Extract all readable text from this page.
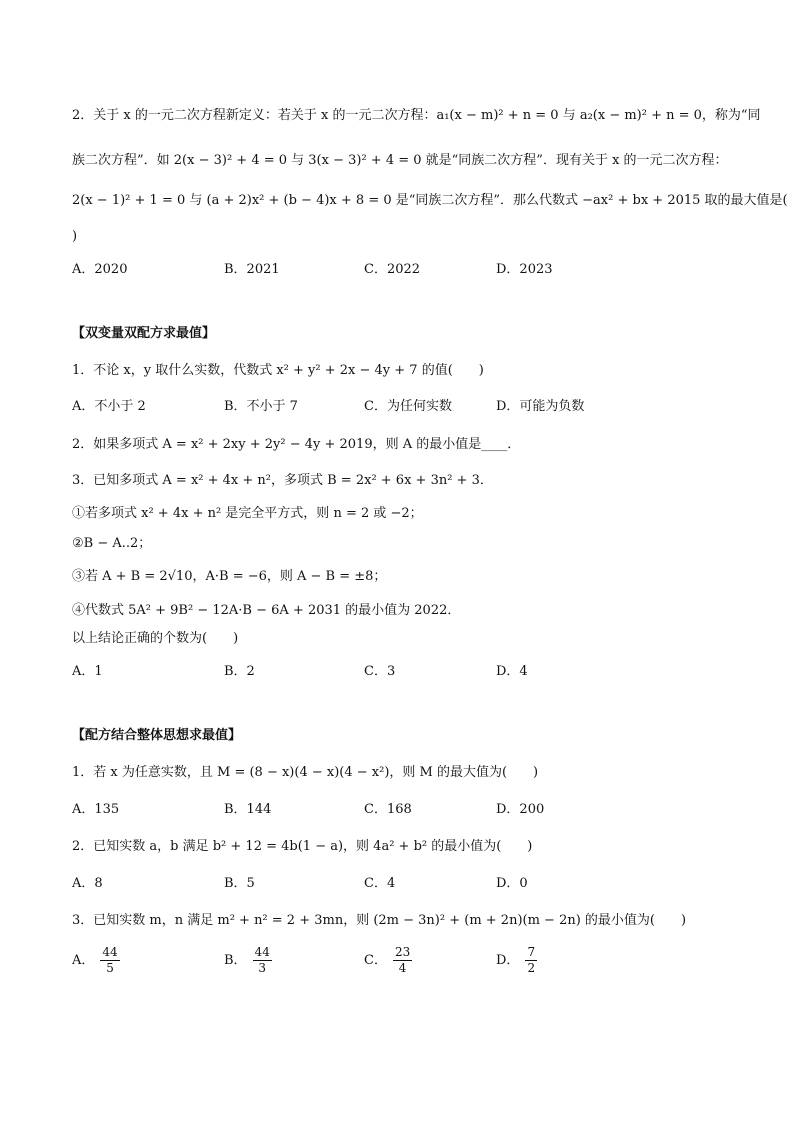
2．关于 x 的一元二次方程新定义：若关于 x 的一元二次方程：a₁(x − m)² + n = 0 与 a₂(x − m)² + n = 0，称为“同
族二次方程”．如 2(x − 3)² + 4 = 0 与 3(x − 3)² + 4 = 0 就是“同族二次方程”．现有关于 x 的一元二次方程：
2(x − 1)² + 1 = 0 与 (a + 2)x² + (b − 4)x + 8 = 0 是“同族二次方程”．那么代数式 −ax² + bx + 2015 取的最大值是(
)
A．2020	B．2021	C．2022	D．2023
【双变量双配方求最值】
1．不论 x，y 取什么实数，代数式 x² + y² + 2x − 4y + 7 的值(　　)
A．不小于 2	B．不小于 7	C．为任何实数	D．可能为负数
2．如果多项式 A = x² + 2xy + 2y² − 4y + 2019，则 A 的最小值是____．
3．已知多项式 A = x² + 4x + n²，多项式 B = 2x² + 6x + 3n² + 3．
①若多项式 x² + 4x + n² 是完全平方式，则 n = 2 或 −2；
②B − A..2；
③若 A + B = 2√10，A·B = −6，则 A − B = ±8；
④代数式 5A² + 9B² − 12A·B − 6A + 2031 的最小值为 2022．
以上结论正确的个数为(　　)
A．1	B．2	C．3	D．4
【配方结合整体思想求最值】
1．若 x 为任意实数，且 M = (8 − x)(4 − x)(4 − x²)，则 M 的最大值为(　　)
A．135	B．144	C．168	D．200
2．已知实数 a，b 满足 b² + 12 = 4b(1 − a)，则 4a² + b² 的最小值为(　　)
A．8	B．5	C．4	D．0
3．已知实数 m，n 满足 m² + n² = 2 + 3mn，则 (2m − 3n)² + (m + 2n)(m − 2n) 的最小值为(　　)
A． $\frac{44}{5}$	B． $\frac{44}{3}$	C． $\frac{23}{4}$	D． $\frac{7}{2}$
